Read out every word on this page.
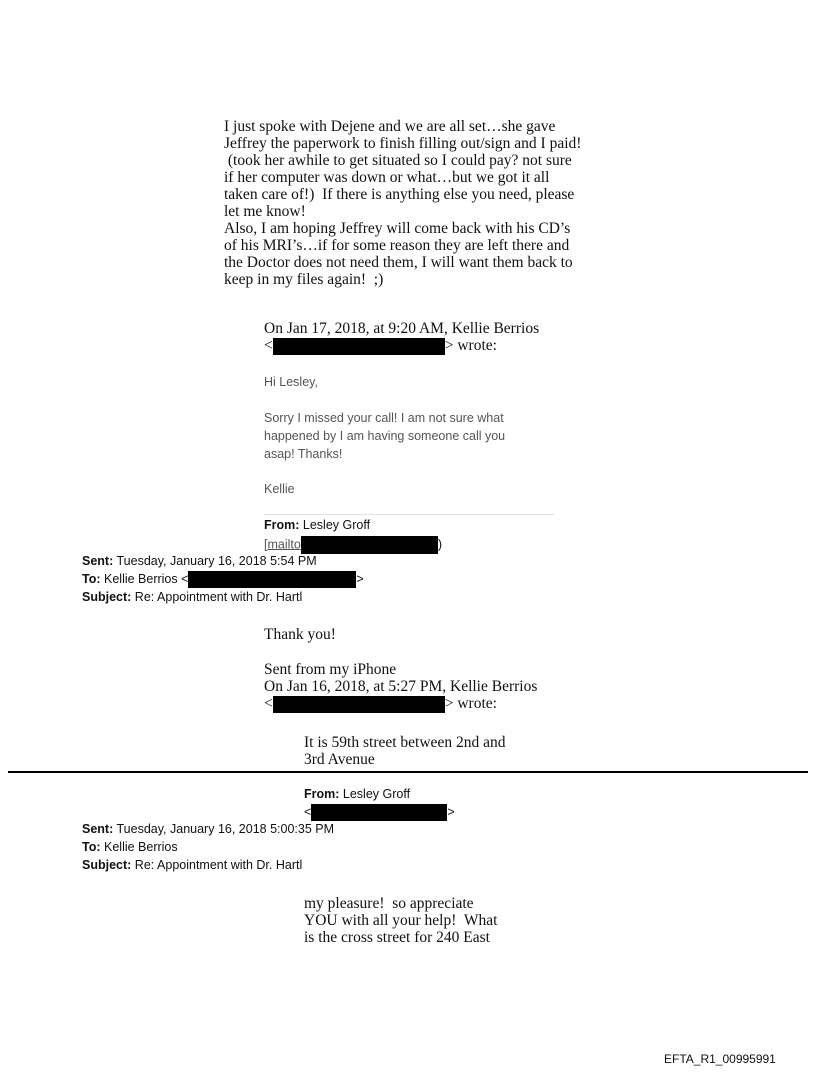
I just spoke with Dejene and we are all set…she gave
Jeffrey the paperwork to finish filling out/sign and I paid!
(took her awhile to get situated so I could pay? not sure
if her computer was down or what…but we got it all
taken care of!)  If there is anything else you need, please
let me know!
Also, I am hoping Jeffrey will come back with his CD’s
of his MRI’s…if for some reason they are left there and
the Doctor does not need them, I will want them back to
keep in my files again!  ;)
On Jan 17, 2018, at 9:20 AM, Kellie Berrios
<	> wrote:
Hi Lesley,
Sorry I missed your call! I am not sure what
happened by I am having someone call you
asap! Thanks!
Kellie
From: Lesley Groff
[mailto	)
Sent: Tuesday, January 16, 2018 5:54 PM
To: Kellie Berrios <	>
Subject: Re: Appointment with Dr. Hartl
Thank you!
Sent from my iPhone
On Jan 16, 2018, at 5:27 PM, Kellie Berrios
<	> wrote:
It is 59th street between 2nd and
3rd Avenue
From: Lesley Groff
<	>
Sent: Tuesday, January 16, 2018 5:00:35 PM
To: Kellie Berrios
Subject: Re: Appointment with Dr. Hartl
my pleasure!  so appreciate
YOU with all your help!  What
is the cross street for 240 East
EFTA_R1_00995991
